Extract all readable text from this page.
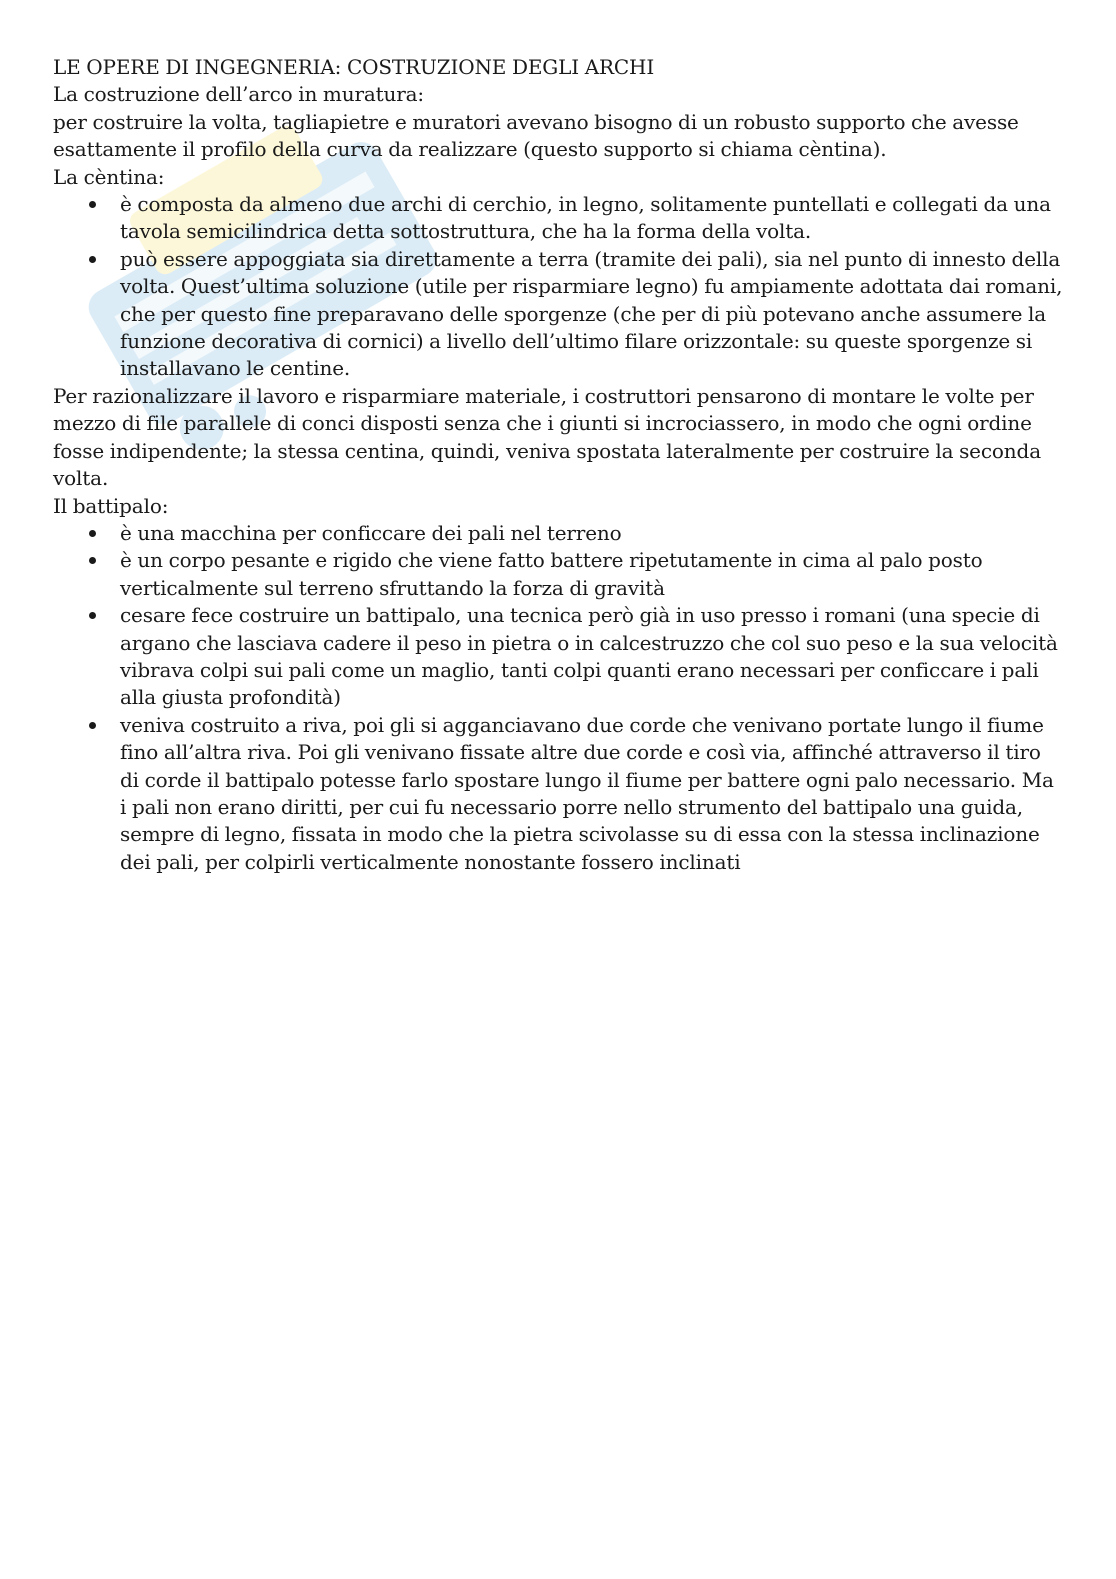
LE OPERE DI INGEGNERIA: COSTRUZIONE DEGLI ARCHI

La costruzione dell’arco in muratura:

per costruire la volta, tagliapietre e muratori avevano bisogno di un robusto supporto che avesse esattamente il profilo della curva da realizzare (questo supporto si chiama cèntina).

La cèntina:

è composta da almeno due archi di cerchio, in legno, solitamente puntellati e collegati da una tavola semicilindrica detta sottostruttura, che ha la forma della volta.
può essere appoggiata sia direttamente a terra (tramite dei pali), sia nel punto di innesto della volta. Quest’ultima soluzione (utile per risparmiare legno) fu ampiamente adottata dai romani, che per questo fine preparavano delle sporgenze (che per di più potevano anche assumere la funzione decorativa di cornici) a livello dell’ultimo filare orizzontale: su queste sporgenze si installavano le centine.

Per razionalizzare il lavoro e risparmiare materiale, i costruttori pensarono di montare le volte per mezzo di file parallele di conci disposti senza che i giunti si incrociassero, in modo che ogni ordine fosse indipendente; la stessa centina, quindi, veniva spostata lateralmente per costruire la seconda volta.

Il battipalo:

è una macchina per conficcare dei pali nel terreno
è un corpo pesante e rigido che viene fatto battere ripetutamente in cima al palo posto verticalmente sul terreno sfruttando la forza di gravità
cesare fece costruire un battipalo, una tecnica però già in uso presso i romani (una specie di argano che lasciava cadere il peso in pietra o in calcestruzzo che col suo peso e la sua velocità vibrava colpi sui pali come un maglio, tanti colpi quanti erano necessari per conficcare i pali alla giusta profondità)
veniva costruito a riva, poi gli si agganciavano due corde che venivano portate lungo il fiume fino all’altra riva. Poi gli venivano fissate altre due corde e così via, affinché attraverso il tiro di corde il battipalo potesse farlo spostare lungo il fiume per battere ogni palo necessario. Ma i pali non erano diritti, per cui fu necessario porre nello strumento del battipalo una guida, sempre di legno, fissata in modo che la pietra scivolasse su di essa con la stessa inclinazione dei pali, per colpirli verticalmente nonostante fossero inclinati
